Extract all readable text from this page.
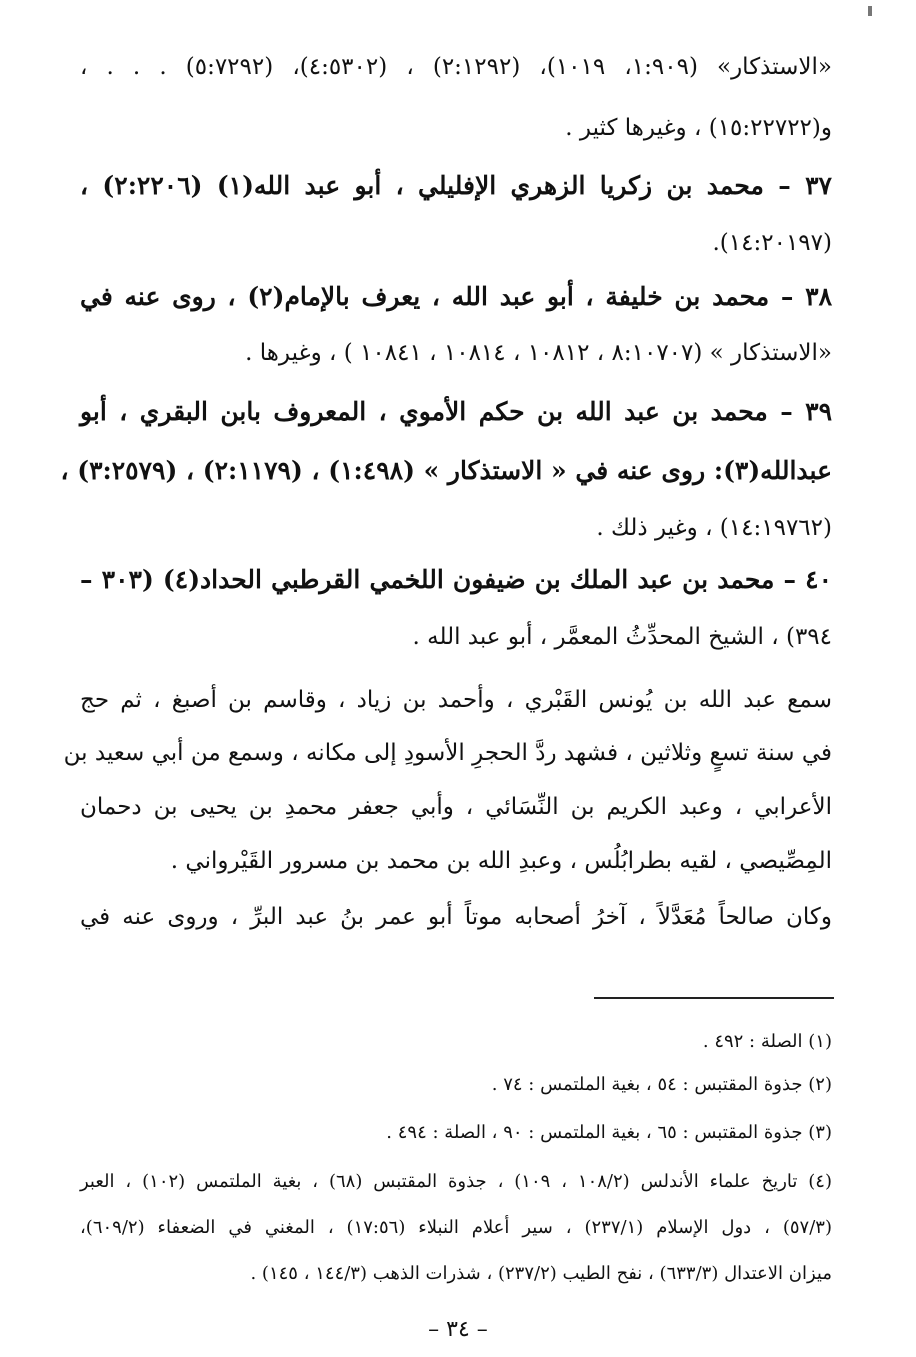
«الاستذكار» (١:٩٠٩، ١٠١٩)، (٢:١٢٩٢) ، (٤:٥٣٠٢)، (٥:٧٢٩٢) . . . ،
و(١٥:٢٢٧٢٢) ، وغيرها كثير .
٣٧ – محمد بن زكريا الزهري الإفليلي ، أبو عبد الله(١) (٢:٢٢٠٦) ،
(١٤:٢٠١٩٧).
٣٨ – محمد بن خليفة ، أبو عبد الله ، يعرف بالإمام(٢) ، روى عنه في
«الاستذكار » (٨:١٠٧٠٧ ، ١٠٨١٢ ، ١٠٨١٤ ، ١٠٨٤١ ) ، وغيرها .
٣٩ – محمد بن عبد الله بن حكم الأموي ، المعروف بابن البقري ، أبو
عبدالله(٣): روى عنه في « الاستذكار » (١:٤٩٨) ، (٢:١١٧٩) ، (٣:٢٥٧٩) ،
(١٤:١٩٧٦٢) ، وغير ذلك .
٤٠ – محمد بن عبد الملك بن ضيفون اللخمي القرطبي الحداد(٤) (٣٠٣ –
٣٩٤) ، الشيخ المحدِّثُ المعمَّر ، أبو عبد الله .
سمع عبد الله بن يُونس القَبْري ، وأحمد بن زياد ، وقاسم بن أصبغ ، ثم حج
في سنة تسعٍ وثلاثين ، فشهد ردَّ الحجرِ الأسودِ إلى مكانه ، وسمع من أبي سعيد بن
الأعرابي ، وعبد الكريم بن النِّسَائي ، وأبي جعفر محمدِ بن يحيى بن دحمان
المِصِّيصي ، لقيه بطرابُلُس ، وعبدِ الله بن محمد بن مسرور القَيْرواني .
وكان صالحاً مُعَدَّلاً ، آخرُ أصحابه موتاً أبو عمر بنُ عبد البرِّ ، وروى عنه في
(١) الصلة : ٤٩٢ .
(٢) جذوة المقتبس : ٥٤ ، بغية الملتمس : ٧٤ .
(٣) جذوة المقتبس : ٦٥ ، بغية الملتمس : ٩٠ ، الصلة : ٤٩٤ .
(٤) تاريخ علماء الأندلس (١٠٨/٢ ، ١٠٩) ، جذوة المقتبس (٦٨) ، بغية الملتمس (١٠٢) ، العبر
(٥٧/٣) ، دول الإسلام (٢٣٧/١) ، سير أعلام النبلاء (١٧:٥٦) ، المغني في الضعفاء (٦٠٩/٢)،
ميزان الاعتدال (٦٣٣/٣) ، نفح الطيب (٢٣٧/٢) ، شذرات الذهب (١٤٤/٣ ، ١٤٥) .
– ٣٤ –
